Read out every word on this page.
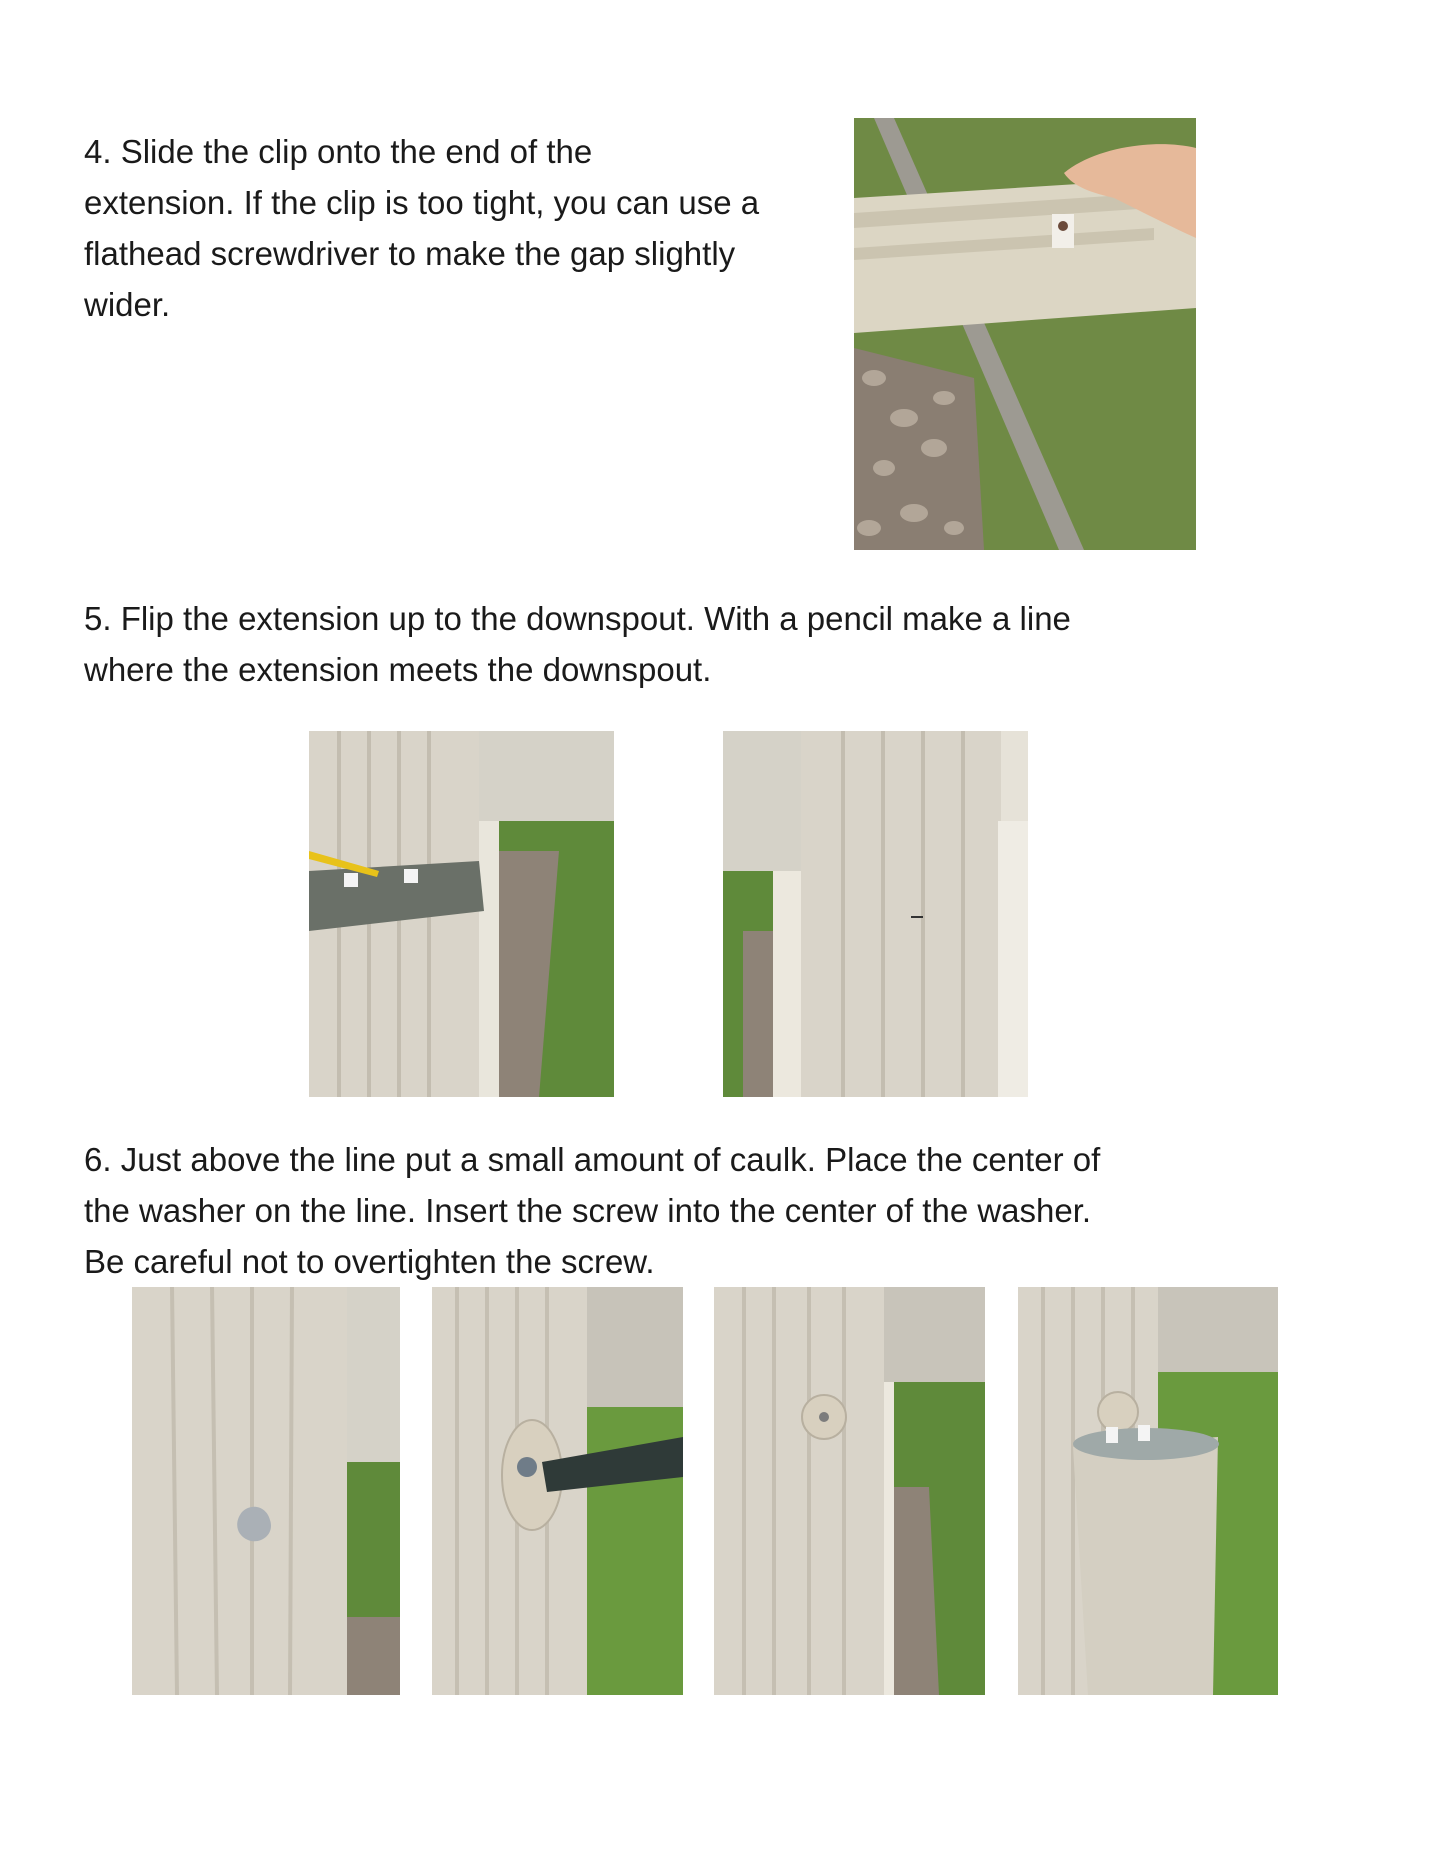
4. Slide the clip onto the end of the
extension. If the clip is too tight, you can use a
flathead screwdriver to make the gap slightly
wider.
5. Flip the extension up to the downspout. With a pencil make a line
where the extension meets the downspout.
6. Just above the line put a small amount of caulk. Place the center of
the washer on the line. Insert the screw into the center of the washer.
Be careful not to overtighten the screw.
